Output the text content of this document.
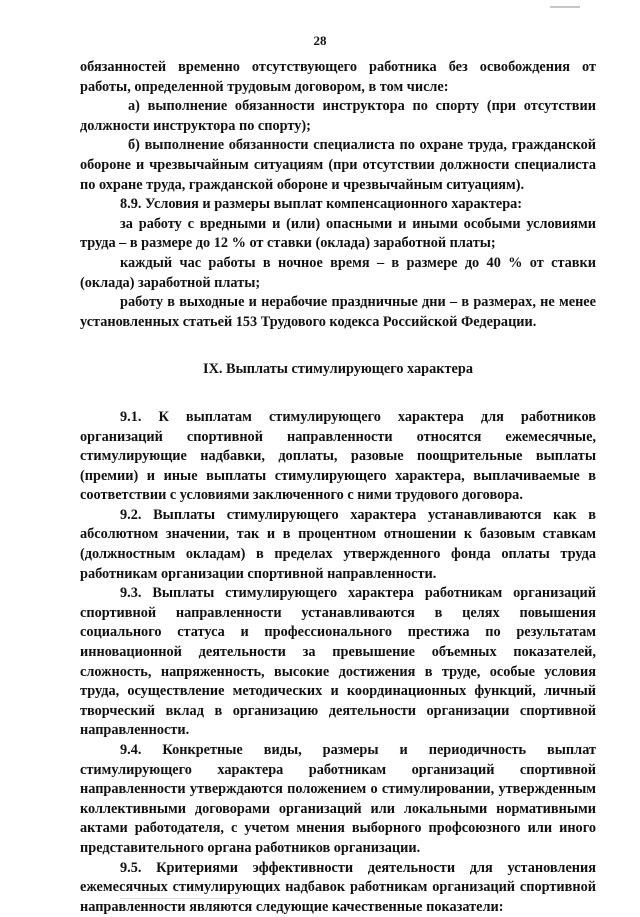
28

обязанностей временно отсутствующего работника без освобождения от работы, определенной трудовым договором, в том числе:

а) выполнение обязанности инструктора по спорту (при отсутствии должности инструктора по спорту);

б) выполнение обязанности специалиста по охране труда, гражданской обороне и чрезвычайным ситуациям (при отсутствии должности специалиста по охране труда, гражданской обороне и чрезвычайным ситуациям).

8.9. Условия и размеры выплат компенсационного характера:

за работу с вредными и (или) опасными и иными особыми условиями труда – в размере до 12 % от ставки (оклада) заработной платы;

каждый час работы в ночное время – в размере до 40 % от ставки (оклада) заработной платы;

работу в выходные и нерабочие праздничные дни – в размерах, не менее установленных статьей 153 Трудового кодекса Российской Федерации.

IX. Выплаты стимулирующего характера

9.1. К выплатам стимулирующего характера для работников организаций спортивной направленности относятся ежемесячные, стимулирующие надбавки, доплаты, разовые поощрительные выплаты (премии) и иные выплаты стимулирующего характера, выплачиваемые в соответствии с условиями заключенного с ними трудового договора.

9.2. Выплаты стимулирующего характера устанавливаются как в абсолютном значении, так и в процентном отношении к базовым ставкам (должностным окладам) в пределах утвержденного фонда оплаты труда работникам организации спортивной направленности.

9.3. Выплаты стимулирующего характера работникам организаций спортивной направленности устанавливаются в целях повышения социального статуса и профессионального престижа по результатам инновационной деятельности за превышение объемных показателей, сложность, напряженность, высокие достижения в труде, особые условия труда, осуществление методических и координационных функций, личный творческий вклад в организацию деятельности организации спортивной направленности.

9.4. Конкретные виды, размеры и периодичность выплат стимулирующего характера работникам организаций спортивной направленности утверждаются положением о стимулировании, утвержденным коллективными договорами организаций или локальными нормативными актами работодателя, с учетом мнения выборного профсоюзного или иного представительного органа работников организации.

9.5. Критериями эффективности деятельности для установления ежемесячных стимулирующих надбавок работникам организаций спортивной направленности являются следующие качественные показатели:
